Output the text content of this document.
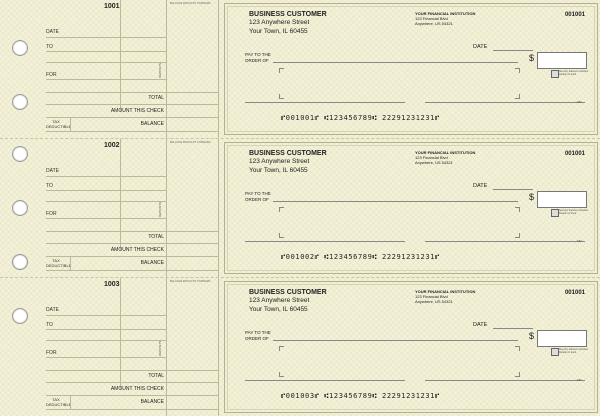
1001	BALANCE BROUGHT FORWARD
DATE
TO
FOR	DEPOSITS
TOTAL
AMOUNT THIS CHECK
TAX
DEDUCTIBLE	BALANCE
BUSINESS CUSTOMER
123 Anywhere Street
Your Town, IL 60455
YOUR FINANCIAL INSTITUTION
123 Financial Blvd
Anywhere, US 54321
001001
DATE
PAY TO THE
ORDER OF	$
Security features included. Details on back.
MP
⑈001001⑈ ⑆123456789⑆ 22291231231⑈
1002	BALANCE BROUGHT FORWARD
DATE
TO
FOR	DEPOSITS
TOTAL
AMOUNT THIS CHECK
TAX
DEDUCTIBLE	BALANCE
BUSINESS CUSTOMER
123 Anywhere Street
Your Town, IL 60455
YOUR FINANCIAL INSTITUTION
123 Financial Blvd
Anywhere, US 54321
001001
DATE
PAY TO THE
ORDER OF	$
Security features included. Details on back.
MP
⑈001002⑈ ⑆123456789⑆ 22291231231⑈
1003	BALANCE BROUGHT FORWARD
DATE
TO
FOR	DEPOSITS
TOTAL
AMOUNT THIS CHECK
TAX
DEDUCTIBLE	BALANCE
BUSINESS CUSTOMER
123 Anywhere Street
Your Town, IL 60455
YOUR FINANCIAL INSTITUTION
123 Financial Blvd
Anywhere, US 54321
001001
DATE
PAY TO THE
ORDER OF	$
Security features included. Details on back.
MP
⑈001003⑈ ⑆123456789⑆ 22291231231⑈
